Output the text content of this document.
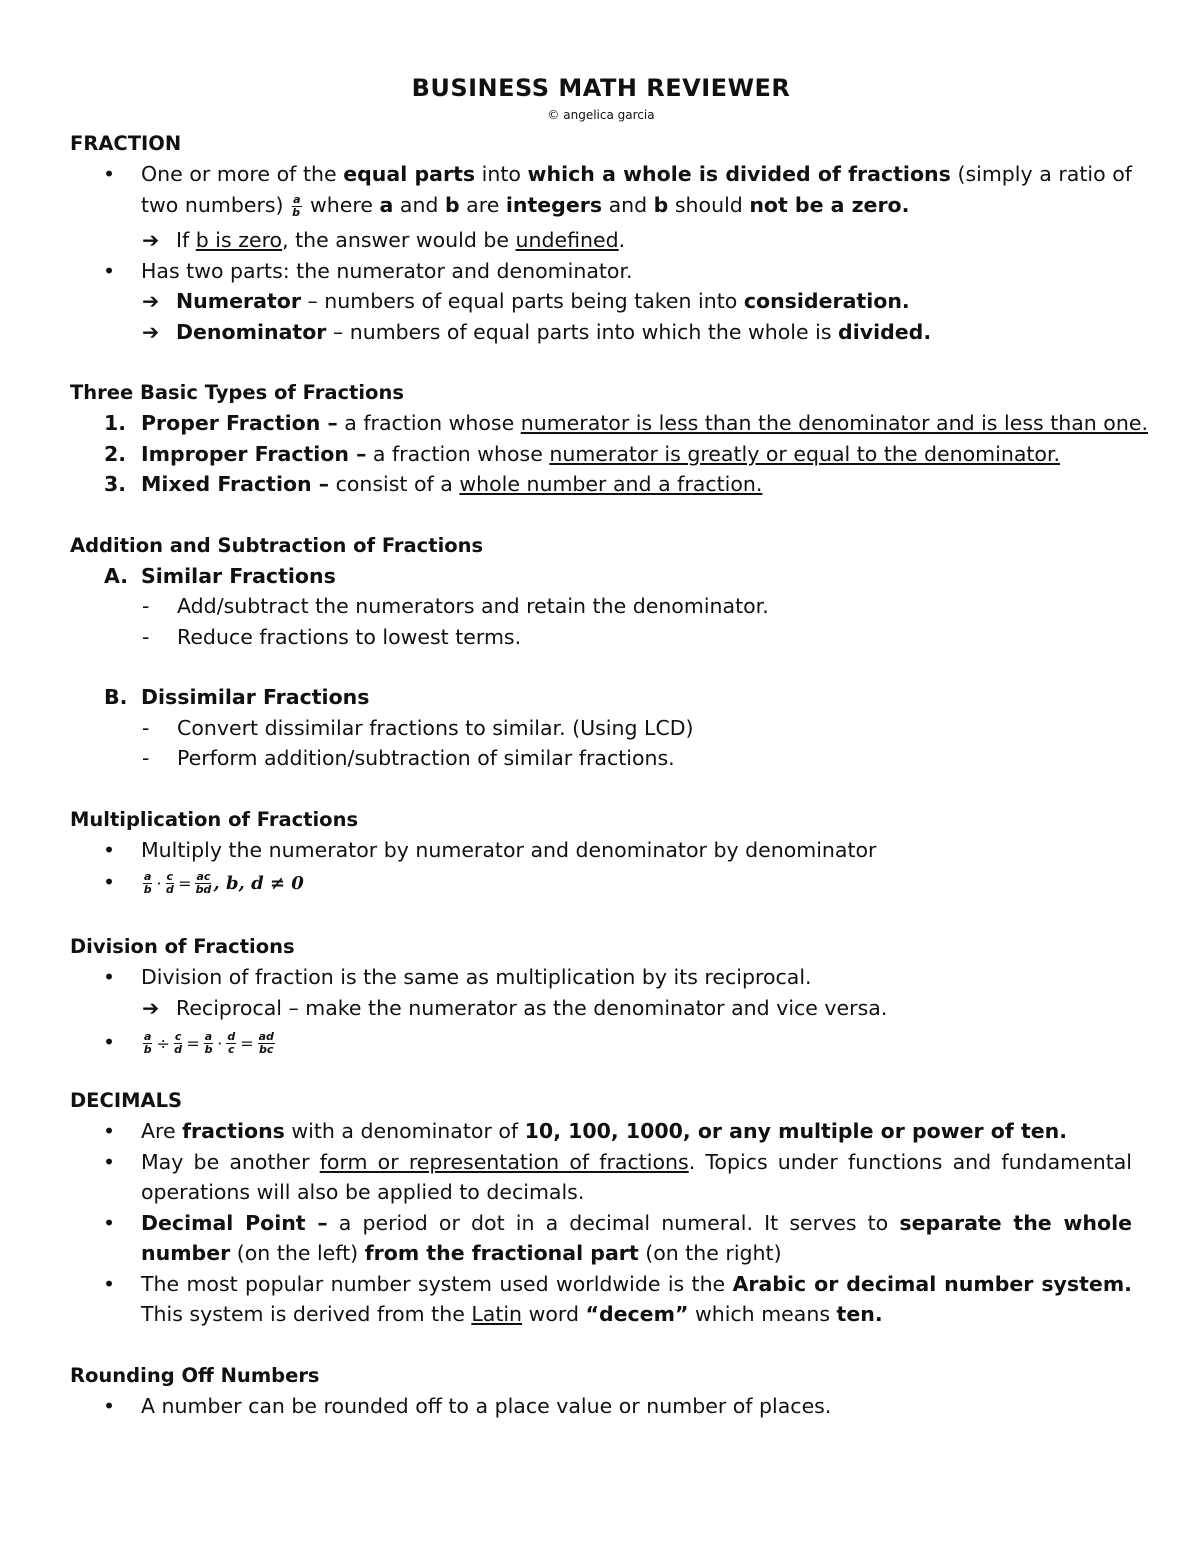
BUSINESS MATH REVIEWER
© angelica garcia
FRACTION
• One or more of the equal parts into which a whole is divided of fractions (simply a ratio of two numbers) $\frac{a}{b}$ where a and b are integers and b should not be a zero.
➔ If b is zero, the answer would be undefined.
• Has two parts: the numerator and denominator.
➔ Numerator – numbers of equal parts being taken into consideration.
➔ Denominator – numbers of equal parts into which the whole is divided.
Three Basic Types of Fractions
1. Proper Fraction – a fraction whose numerator is less than the denominator and is less than one.
2. Improper Fraction – a fraction whose numerator is greatly or equal to the denominator.
3. Mixed Fraction – consist of a whole number and a fraction.
Addition and Subtraction of Fractions
A. Similar Fractions
- Add/subtract the numerators and retain the denominator.
- Reduce fractions to lowest terms.
B. Dissimilar Fractions
- Convert dissimilar fractions to similar. (Using LCD)
- Perform addition/subtraction of similar fractions.
Multiplication of Fractions
• Multiply the numerator by numerator and denominator by denominator
• $\frac{a}{b} \cdot \frac{c}{d} = \frac{ac}{bd}$ , b, d ≠ 0
Division of Fractions
• Division of fraction is the same as multiplication by its reciprocal.
➔ Reciprocal – make the numerator as the denominator and vice versa.
• $\frac{a}{b} \div \frac{c}{d} = \frac{a}{b} \cdot \frac{d}{c} = \frac{ad}{bc}$
DECIMALS
• Are fractions with a denominator of 10, 100, 1000, or any multiple or power of ten.
• May be another form or representation of fractions. Topics under functions and fundamental operations will also be applied to decimals.
• Decimal Point – a period or dot in a decimal numeral. It serves to separate the whole number (on the left) from the fractional part (on the right)
• The most popular number system used worldwide is the Arabic or decimal number system. This system is derived from the Latin word “decem” which means ten.
Rounding Off Numbers
• A number can be rounded off to a place value or number of places.
